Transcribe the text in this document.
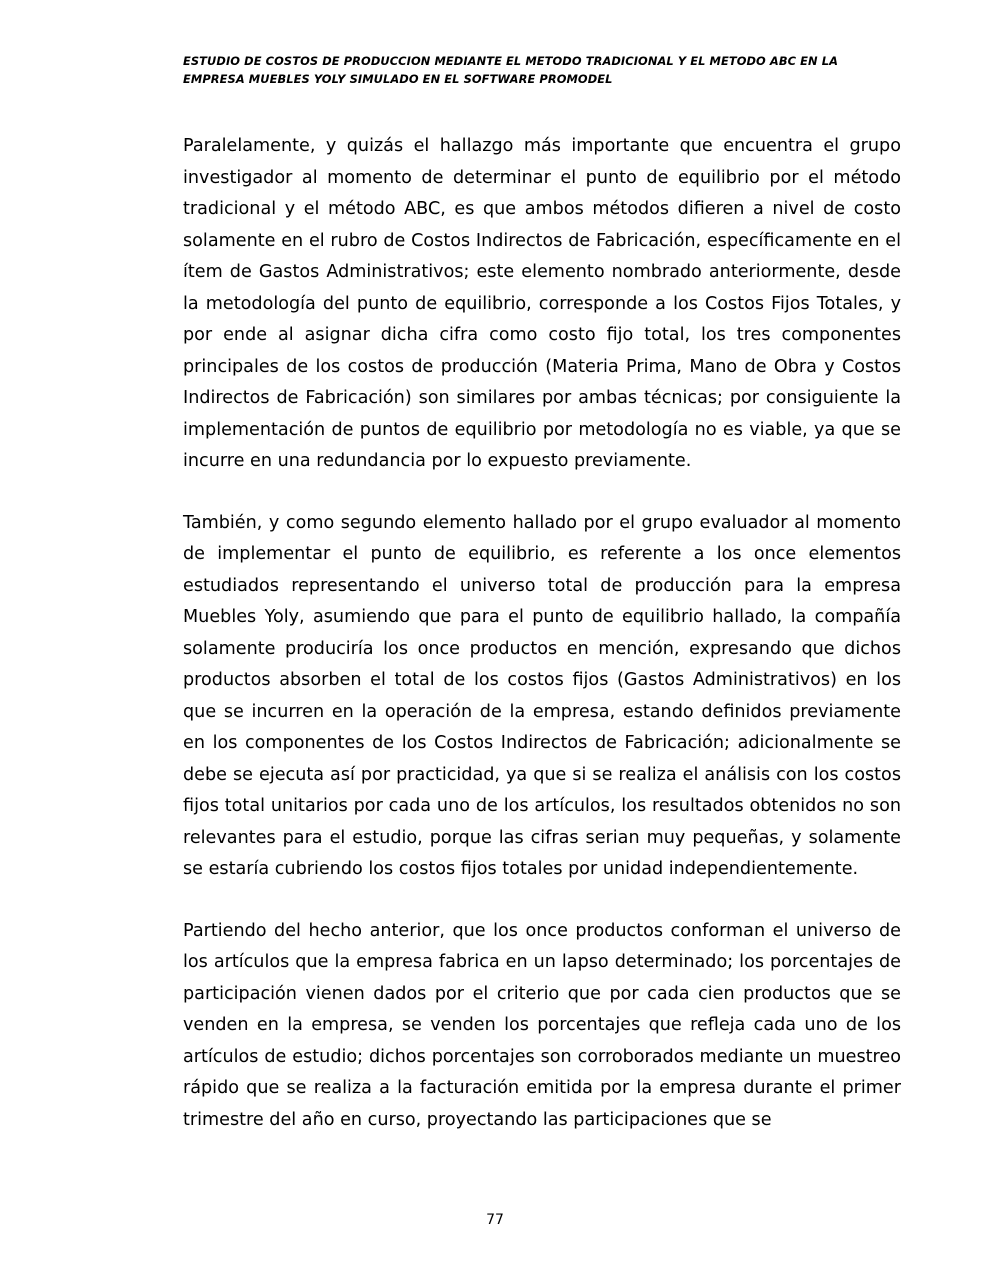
ESTUDIO DE COSTOS DE PRODUCCION MEDIANTE EL METODO TRADICIONAL Y EL METODO ABC EN LA EMPRESA MUEBLES YOLY SIMULADO EN EL SOFTWARE PROMODEL

Paralelamente, y quizás el hallazgo más importante que encuentra el grupo investigador al momento de determinar el punto de equilibrio por el método tradicional y el método ABC, es que ambos métodos difieren a nivel de costo solamente en el rubro de Costos Indirectos de Fabricación, específicamente en el ítem de Gastos Administrativos; este elemento nombrado anteriormente, desde la metodología del punto de equilibrio, corresponde a los Costos Fijos Totales, y por ende al asignar dicha cifra como costo fijo total, los tres componentes principales de los costos de producción (Materia Prima, Mano de Obra y Costos Indirectos de Fabricación) son similares por ambas técnicas; por consiguiente la implementación de puntos de equilibrio por metodología no es viable, ya que se incurre en una redundancia por lo expuesto previamente.

También, y como segundo elemento hallado por el grupo evaluador al momento de implementar el punto de equilibrio, es referente a los once elementos estudiados representando el universo total de producción para la empresa Muebles Yoly, asumiendo que para el punto de equilibrio hallado, la compañía solamente produciría los once productos en mención, expresando que dichos productos absorben el total de los costos fijos (Gastos Administrativos) en los que se incurren en la operación de la empresa, estando definidos previamente en los componentes de los Costos Indirectos de Fabricación; adicionalmente se debe se ejecuta así por practicidad, ya que si se realiza el análisis con los costos fijos total unitarios por cada uno de los artículos, los resultados obtenidos no son relevantes para el estudio, porque las cifras serian muy pequeñas, y solamente se estaría cubriendo los costos fijos totales por unidad independientemente.

Partiendo del hecho anterior, que los once productos conforman el universo de los artículos que la empresa fabrica en un lapso determinado; los porcentajes de participación vienen dados por el criterio que por cada cien productos que se venden en la empresa, se venden los porcentajes que refleja cada uno de los artículos de estudio; dichos porcentajes son corroborados mediante un muestreo rápido que se realiza a la facturación emitida por la empresa durante el primer trimestre del año en curso, proyectando las participaciones que se

77
